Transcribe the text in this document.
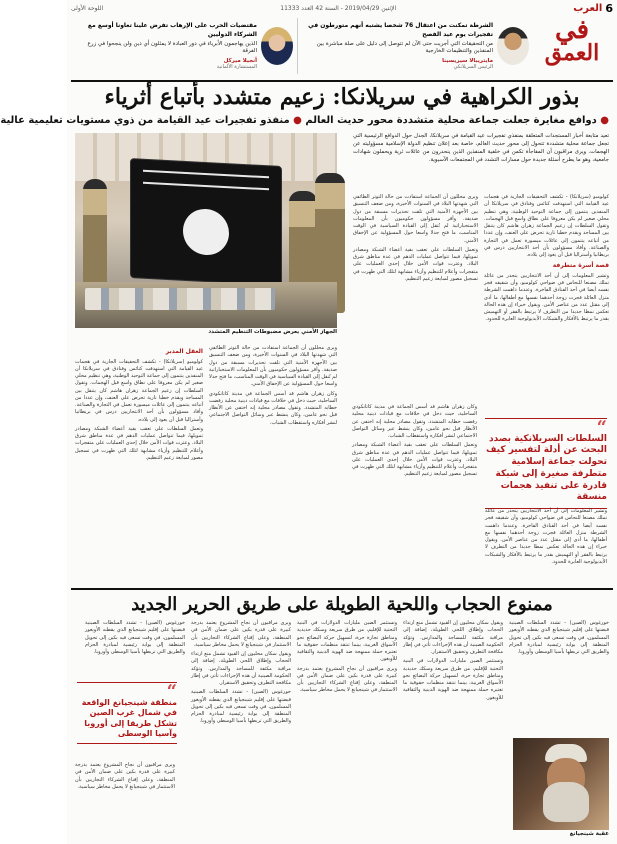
6
العرب
الإثنين 2019/04/29 - السنة 42 العدد 11333
اللوحة الأولى
في
العمق
الشرطة تمكنت من اعتقال 76 شخصا يشتبه أنهم متورطون في تفجيرات يوم عيد الفصح
من التحقيقات التي أجريت حتى الآن لم تتوصل إلى دليل على صلة مباشرة بين المنفذين والتنظيمات الخارجية
مايتريبالا سيريسينا
الرئيس السريلانكي
مقتضيات الحرب على الإرهاب تفرض علينا تعاونا أوسع مع الشركاء الدوليين
الذين يهاجمون الأبرياء في دور العبادة لا يمثلون أي دين ولن ينجحوا في زرع الفرقة
أنجيلا ميركل
المستشارة الألمانية
بذور الكراهية في سريلانكا: زعيم متشدد بأتباع أثرياء
● دوافع مغايرة جعلت جماعة محلية متشددة محور حديث العالم ● منفذو تفجيرات عيد القيامة من ذوي مستويات تعليمية عالية
تعيد متابعة أخبار المستجدات المتعلقة بمنفذي تفجيرات عيد القيامة في سريلانكا، الجدل حول الدوافع الرئيسية التي تجعل جماعة محلية متشددة تتحول إلى محور حديث العالم، خاصة بعد إعلان تنظيم الدولة الإسلامية مسؤوليته عن الهجمات. ويرى مراقبون أن المفاجأة تكمن في خلفية المنفذين الذين ينحدرون من عائلات ثرية ويحملون شهادات جامعية، وهو ما يطرح أسئلة جديدة حول مسارات التشدد في المجتمعات الآسيوية.
الجهاز الأمني يعرض مضبوطات التنظيم المتشدد

كولومبو (سريلانكا) - تكشف التحقيقات الجارية في هجمات عيد القيامة التي استهدفت كنائس وفنادق في سريلانكا أن المنفذين ينتمون إلى جماعة التوحيد الوطنية، وهي تنظيم محلي صغير لم يكن معروفا على نطاق واسع قبل الهجمات. وتقول السلطات إن زعيم الجماعة زهران هاشم كان يتنقل بين المساجد ويقدم خطبا نارية تحرض على العنف، وإن عددا من أتباعه ينتمون إلى عائلات ميسورة تعمل في التجارة والصناعة. وأفاد مسؤولون بأن أحد الانتحاريين درس في بريطانيا وأستراليا قبل أن يعود إلى بلاده.

قصة أسرة متطرفة

وتشير المعلومات إلى أن أحد الانتحاريين ينحدر من عائلة تملك مصنعا للنحاس في ضواحي كولومبو، وأن شقيقه فجر نفسه أيضا في أحد الفنادق الفاخرة. وعندما داهمت الشرطة منزل العائلة فجرت زوجة أحدهما نفسها مع أطفالها، ما أدى إلى مقتل عدد من عناصر الأمن. ويقول خبراء إن هذه الحالة تعكس نمطا جديدا من التطرف لا يرتبط بالفقر أو التهميش بقدر ما يرتبط بالأفكار والشبكات الأيديولوجية العابرة للحدود.

ويرى محللون أن الجماعة استفادت من حالة التوتر الطائفي التي شهدتها البلاد في السنوات الأخيرة، ومن ضعف التنسيق بين الأجهزة الأمنية التي تلقت تحذيرات مسبقة من دول صديقة. وأقر مسؤولون حكوميون بأن المعلومات الاستخباراتية لم تُنقل إلى القيادة السياسية في الوقت المناسب، ما فتح جدلا واسعا حول المسؤولية عن الإخفاق الأمني.

وتعمل السلطات على تعقب بقية أعضاء الشبكة ومصادر تمويلها، فيما تتواصل عمليات الدهم في عدة مناطق شرق البلاد. وعثرت قوات الأمن خلال إحدى العمليات على متفجرات وأعلام للتنظيم وأزياء مشابهة لتلك التي ظهرت في تسجيل مصور لمبايعة زعيم التنظيم.

“
السلطات السريلانكية بصدد البحث عن أدلة لتفسير كيف تحولت جماعة إسلامية متطرفة صغيرة إلى شبكة قادرة على تنفيذ هجمات منسقة

وكان زهران هاشم قد أسس الجماعة في مدينة كاتانكودي الساحلية، حيث دخل في خلافات مع قيادات دينية محلية رفضت خطابه المتشدد. وتقول مصادر محلية إنه اختفى عن الأنظار قبل نحو عامين، وكان ينشط عبر وسائل التواصل الاجتماعي لنشر أفكاره واستقطاب الشباب.

وتعمل السلطات على تعقب بقية أعضاء الشبكة ومصادر تمويلها، فيما تتواصل عمليات الدهم في عدة مناطق شرق البلاد. وعثرت قوات الأمن خلال إحدى العمليات على متفجرات وأعلام للتنظيم وأزياء مشابهة لتلك التي ظهرت في تسجيل مصور لمبايعة زعيم التنظيم.

وتشير المعلومات إلى أن أحد الانتحاريين ينحدر من عائلة تملك مصنعا للنحاس في ضواحي كولومبو، وأن شقيقه فجر نفسه أيضا في أحد الفنادق الفاخرة. وعندما داهمت الشرطة منزل العائلة فجرت زوجة أحدهما نفسها مع أطفالها، ما أدى إلى مقتل عدد من عناصر الأمن. ويقول خبراء إن هذه الحالة تعكس نمطا جديدا من التطرف لا يرتبط بالفقر أو التهميش بقدر ما يرتبط بالأفكار والشبكات الأيديولوجية العابرة للحدود.

ويرى محللون أن الجماعة استفادت من حالة التوتر الطائفي التي شهدتها البلاد في السنوات الأخيرة، ومن ضعف التنسيق بين الأجهزة الأمنية التي تلقت تحذيرات مسبقة من دول صديقة. وأقر مسؤولون حكوميون بأن المعلومات الاستخباراتية لم تُنقل إلى القيادة السياسية في الوقت المناسب، ما فتح جدلا واسعا حول المسؤولية عن الإخفاق الأمني.

وكان زهران هاشم قد أسس الجماعة في مدينة كاتانكودي الساحلية، حيث دخل في خلافات مع قيادات دينية محلية رفضت خطابه المتشدد. وتقول مصادر محلية إنه اختفى عن الأنظار قبل نحو عامين، وكان ينشط عبر وسائل التواصل الاجتماعي لنشر أفكاره واستقطاب الشباب.

العقل المدبر

كولومبو (سريلانكا) - تكشف التحقيقات الجارية في هجمات عيد القيامة التي استهدفت كنائس وفنادق في سريلانكا أن المنفذين ينتمون إلى جماعة التوحيد الوطنية، وهي تنظيم محلي صغير لم يكن معروفا على نطاق واسع قبل الهجمات. وتقول السلطات إن زعيم الجماعة زهران هاشم كان يتنقل بين المساجد ويقدم خطبا نارية تحرض على العنف، وإن عددا من أتباعه ينتمون إلى عائلات ميسورة تعمل في التجارة والصناعة. وأفاد مسؤولون بأن أحد الانتحاريين درس في بريطانيا وأستراليا قبل أن يعود إلى بلاده.

وتعمل السلطات على تعقب بقية أعضاء الشبكة ومصادر تمويلها، فيما تتواصل عمليات الدهم في عدة مناطق شرق البلاد. وعثرت قوات الأمن خلال إحدى العمليات على متفجرات وأعلام للتنظيم وأزياء مشابهة لتلك التي ظهرت في تسجيل مصور لمبايعة زعيم التنظيم.

ممنوع الحجاب واللحية الطويلة على طريق الحرير الجديد

خورغوس (الصين) - تشدد السلطات الصينية قبضتها على إقليم شينجيانغ الذي يقطنه الأويغور المسلمون، في وقت تسعى فيه بكين إلى تحويل المنطقة إلى بوابة رئيسية لمبادرة الحزام والطريق التي تربطها بآسيا الوسطى وأوروبا.

ويقول سكان محليون إن القيود تشمل منع ارتداء الحجاب وإطلاق اللحى الطويلة، إضافة إلى مراقبة مكثفة للمساجد والمدارس. وتؤكد الحكومة الصينية أن هذه الإجراءات تأتي في إطار مكافحة التطرف وتحقيق الاستقرار.

وتستثمر الصين مليارات الدولارات في البنية التحتية للإقليم، من طرق سريعة وسكك حديدية ومناطق تجارة حرة، لتسهيل حركة البضائع نحو الأسواق الغربية، بينما تنتقد منظمات حقوقية ما تعتبره حملة ممنهجة ضد الهوية الدينية والثقافية للأويغور.

وتستثمر الصين مليارات الدولارات في البنية التحتية للإقليم، من طرق سريعة وسكك حديدية ومناطق تجارة حرة، لتسهيل حركة البضائع نحو الأسواق الغربية، بينما تنتقد منظمات حقوقية ما تعتبره حملة ممنهجة ضد الهوية الدينية والثقافية للأويغور.

ويرى مراقبون أن نجاح المشروع يعتمد بدرجة كبيرة على قدرة بكين على ضمان الأمن في المنطقة، وعلى إقناع الشركاء التجاريين بأن الاستثمار في شينجيانغ لا يحمل مخاطر سياسية.

ويرى مراقبون أن نجاح المشروع يعتمد بدرجة كبيرة على قدرة بكين على ضمان الأمن في المنطقة، وعلى إقناع الشركاء التجاريين بأن الاستثمار في شينجيانغ لا يحمل مخاطر سياسية.

ويقول سكان محليون إن القيود تشمل منع ارتداء الحجاب وإطلاق اللحى الطويلة، إضافة إلى مراقبة مكثفة للمساجد والمدارس. وتؤكد الحكومة الصينية أن هذه الإجراءات تأتي في إطار مكافحة التطرف وتحقيق الاستقرار.

خورغوس (الصين) - تشدد السلطات الصينية قبضتها على إقليم شينجيانغ الذي يقطنه الأويغور المسلمون، في وقت تسعى فيه بكين إلى تحويل المنطقة إلى بوابة رئيسية لمبادرة الحزام والطريق التي تربطها بآسيا الوسطى وأوروبا.

خورغوس (الصين) - تشدد السلطات الصينية قبضتها على إقليم شينجيانغ الذي يقطنه الأويغور المسلمون، في وقت تسعى فيه بكين إلى تحويل المنطقة إلى بوابة رئيسية لمبادرة الحزام والطريق التي تربطها بآسيا الوسطى وأوروبا.

“
منطقة شينجيانغ الواقعة في شمال غرب الصين تشكل طريقا إلى أوروبا وآسيا الوسطى

ويرى مراقبون أن نجاح المشروع يعتمد بدرجة كبيرة على قدرة بكين على ضمان الأمن في المنطقة، وعلى إقناع الشركاء التجاريين بأن الاستثمار في شينجيانغ لا يحمل مخاطر سياسية.

عقبة شينجيانغ
